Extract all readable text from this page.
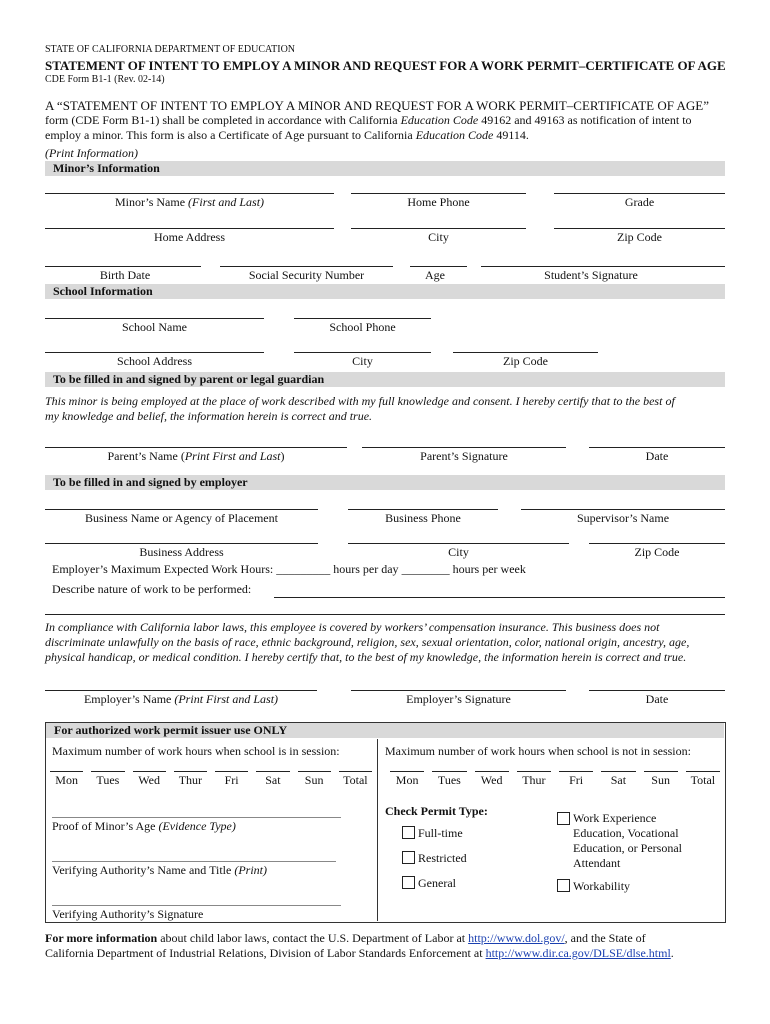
STATE OF CALIFORNIA DEPARTMENT OF EDUCATION
STATEMENT OF INTENT TO EMPLOY A MINOR AND REQUEST FOR A WORK PERMIT–CERTIFICATE OF AGE
CDE Form B1-1 (Rev. 02-14)
A “STATEMENT OF INTENT TO EMPLOY A MINOR AND REQUEST FOR A WORK PERMIT–CERTIFICATE OF AGE”
form (CDE Form B1-1) shall be completed in accordance with California Education Code 49162 and 49163 as notification of intent to
employ a minor. This form is also a Certificate of Age pursuant to California Education Code 49114.
(Print Information)
Minor’s Information
Minor’s Name (First and Last)	Home Phone	Grade
Home Address	City	Zip Code
Birth Date	Social Security Number	Age	Student’s Signature
School Information
School Name	School Phone
School Address	City	Zip Code
To be filled in and signed by parent or legal guardian
This minor is being employed at the place of work described with my full knowledge and consent. I hereby certify that to the best of
my knowledge and belief, the information herein is correct and true.
Parent’s Name (Print First and Last)	Parent’s Signature	Date
To be filled in and signed by employer
Business Name or Agency of Placement	Business Phone	Supervisor’s Name
Business Address	City	Zip Code
Employer’s Maximum Expected Work Hours: _________ hours per day ________ hours per week
Describe nature of work to be performed:
In compliance with California labor laws, this employee is covered by workers’ compensation insurance. This business does not
discriminate unlawfully on the basis of race, ethnic background, religion, sex, sexual orientation, color, national origin, ancestry, age,
physical handicap, or medical condition. I hereby certify that, to the best of my knowledge, the information herein is correct and true.
Employer’s Name (Print First and Last)	Employer’s Signature	Date
For authorized work permit issuer use ONLY
Maximum number of work hours when school is in session:	Maximum number of work hours when school is not in session:
Mon	Tues	Wed	Thur	Fri	Sat	Sun	Total	Mon	Tues	Wed	Thur	Fri	Sat	Sun	Total
Proof of Minor’s Age (Evidence Type)
Verifying Authority’s Name and Title (Print)
Verifying Authority’s Signature
Check Permit Type:
Full-time
Restricted
General
Work Experience
Education, Vocational
Education, or Personal
Attendant
Workability
For more information about child labor laws, contact the U.S. Department of Labor at http://www.dol.gov/, and the State of
California Department of Industrial Relations, Division of Labor Standards Enforcement at http://www.dir.ca.gov/DLSE/dlse.html.
